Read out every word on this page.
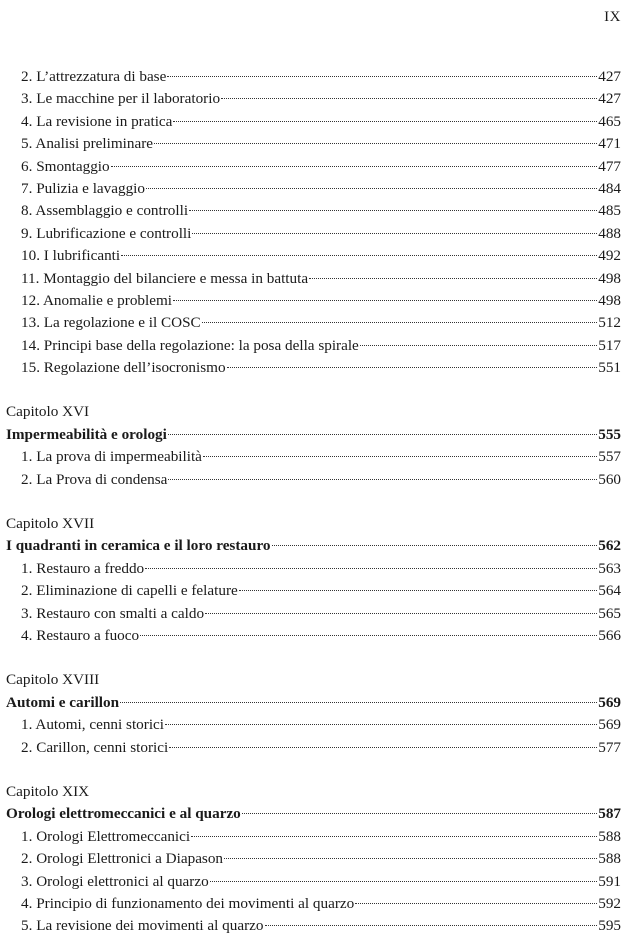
IX
2. L’attrezzatura di base	427
3. Le macchine per il laboratorio	427
4. La revisione in pratica	465
5. Analisi preliminare	471
6. Smontaggio	477
7. Pulizia e lavaggio	484
8. Assemblaggio e controlli	485
9. Lubrificazione e controlli	488
10. I lubrificanti	492
11. Montaggio del bilanciere e messa in battuta	498
12. Anomalie e problemi	498
13. La regolazione e il COSC	512
14. Principi base della regolazione: la posa della spirale	517
15. Regolazione dell’isocronismo	551
Capitolo XVI
Impermeabilità e orologi	555
1. La prova di impermeabilità	557
2. La Prova di condensa	560
Capitolo XVII
I quadranti in ceramica e il loro restauro	562
1. Restauro a freddo	563
2. Eliminazione di capelli e felature	564
3. Restauro con smalti a caldo	565
4. Restauro a fuoco	566
Capitolo XVIII
Automi e carillon	569
1. Automi, cenni storici	569
2. Carillon, cenni storici	577
Capitolo XIX
Orologi elettromeccanici e al quarzo	587
1. Orologi Elettromeccanici	588
2. Orologi Elettronici a Diapason	588
3. Orologi elettronici al quarzo	591
4. Principio di funzionamento dei movimenti al quarzo	592
5. La revisione dei movimenti al quarzo	595
